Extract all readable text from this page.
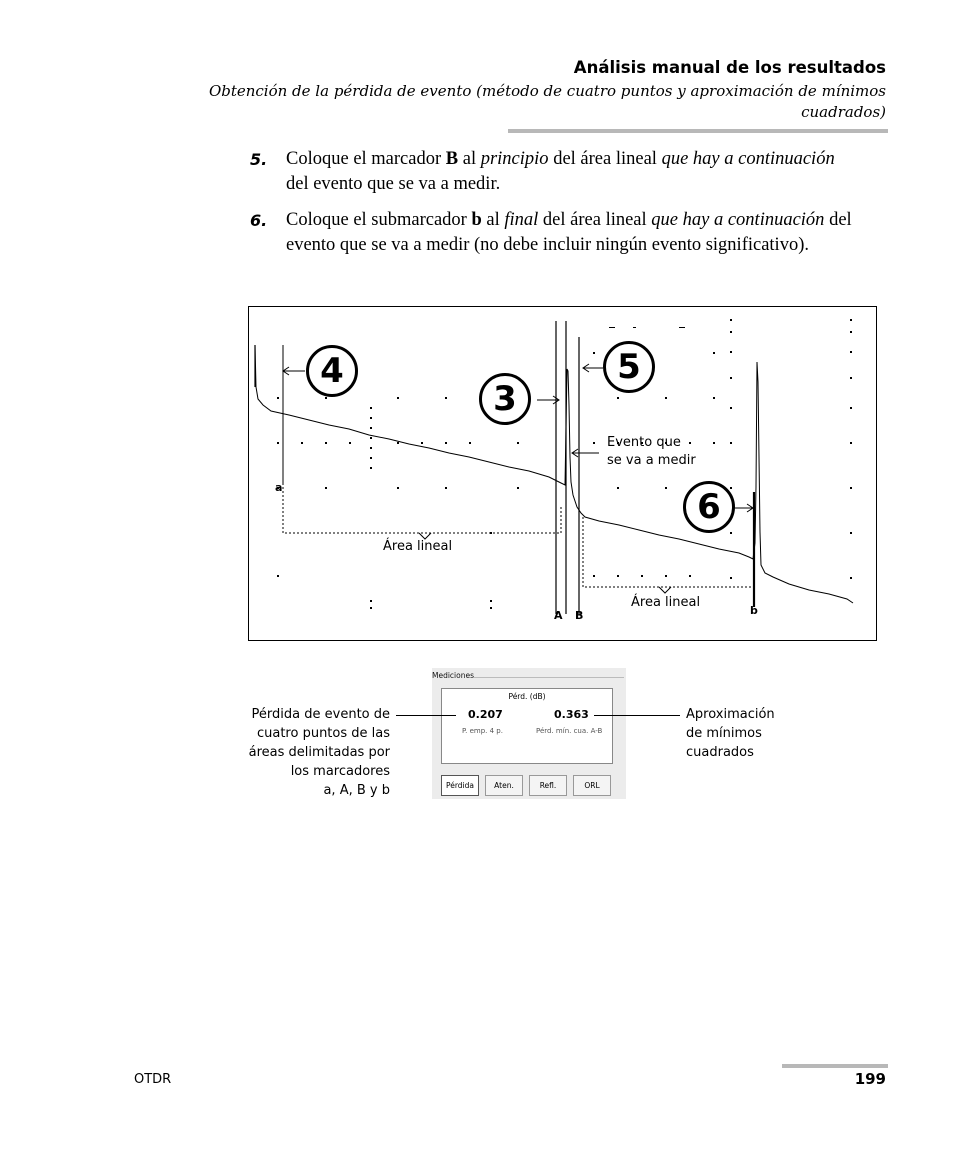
Análisis manual de los resultados
Obtención de la pérdida de evento (método de cuatro puntos y aproximación de mínimos cuadrados)
5. Coloque el marcador B al principio del área lineal que hay a continuación del evento que se va a medir.
6. Coloque el submarcador b al final del área lineal que hay a continuación del evento que se va a medir (no debe incluir ningún evento significativo).
4
3
5
6
Evento que
se va a medir
Área lineal
Área lineal
a
A B	b
Mediciones
Pérd. (dB)
0.207	0.363
P. emp. 4 p.	Pérd. mín. cua. A-B
Pérdida	Aten.	Refl.	ORL
Pérdida de evento de
cuatro puntos de las
áreas delimitadas por
los marcadores
a, A, B y b
Aproximación
de mínimos
cuadrados
OTDR	199
